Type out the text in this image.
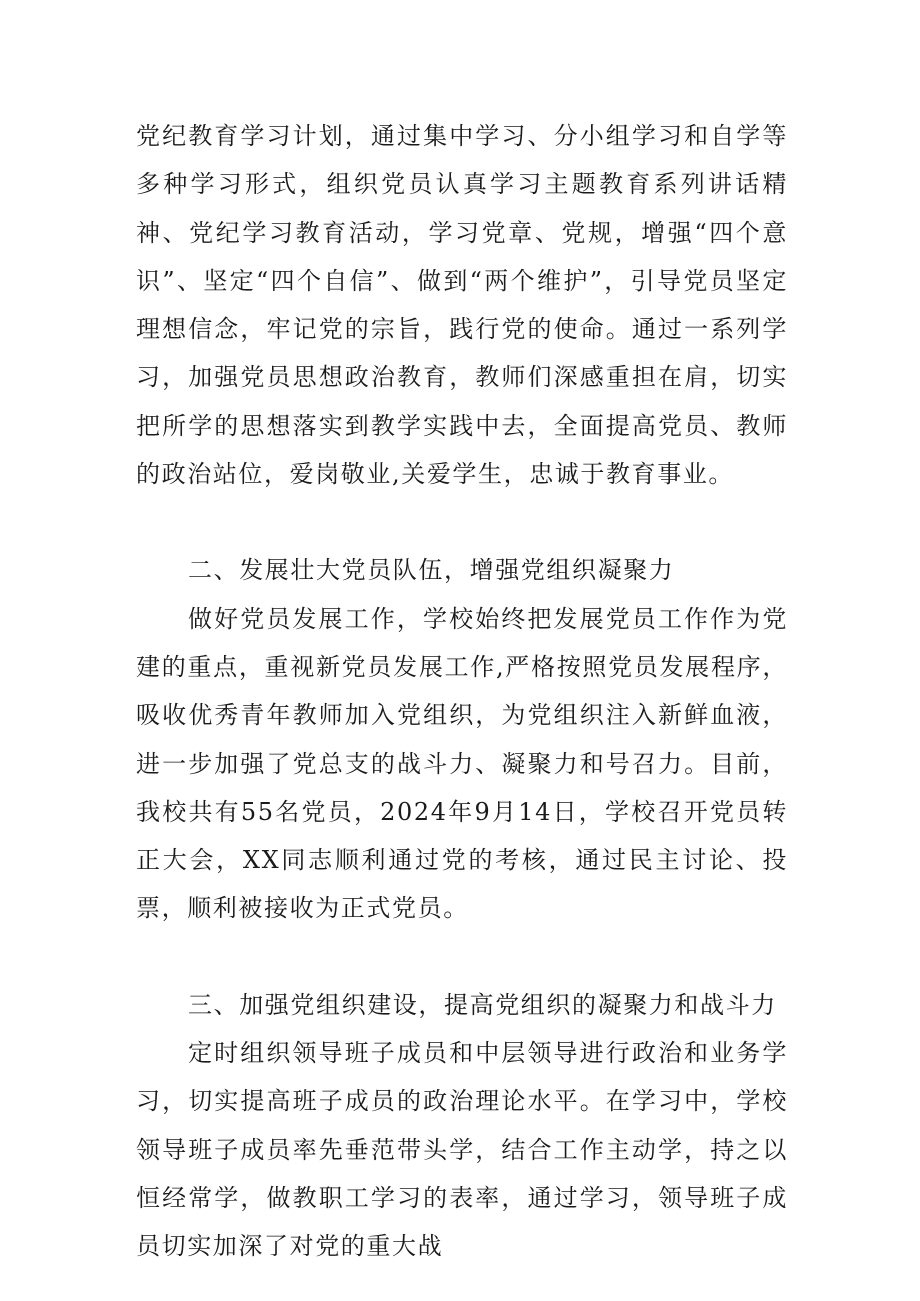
党纪教育学习计划，通过集中学习、分小组学习和自学等多种学习形式，组织党员认真学习主题教育系列讲话精神、党纪学习教育活动，学习党章、党规，增强“四个意识”、坚定“四个自信”、做到“两个维护”，引导党员坚定理想信念，牢记党的宗旨，践行党的使命。通过一系列学习，加强党员思想政治教育，教师们深感重担在肩，切实把所学的思想落实到教学实践中去，全面提高党员、教师的政治站位，爱岗敬业,关爱学生，忠诚于教育事业。

二、发展壮大党员队伍，增强党组织凝聚力

做好党员发展工作，学校始终把发展党员工作作为党建的重点，重视新党员发展工作,严格按照党员发展程序，吸收优秀青年教师加入党组织，为党组织注入新鲜血液，进一步加强了党总支的战斗力、凝聚力和号召力。目前，我校共有55名党员，2024年9月14日，学校召开党员转正大会，XX同志顺利通过党的考核，通过民主讨论、投票，顺利被接收为正式党员。

三、加强党组织建设，提高党组织的凝聚力和战斗力

定时组织领导班子成员和中层领导进行政治和业务学习，切实提高班子成员的政治理论水平。在学习中，学校领导班子成员率先垂范带头学，结合工作主动学，持之以恒经常学，做教职工学习的表率，通过学习，领导班子成员切实加深了对党的重大战
